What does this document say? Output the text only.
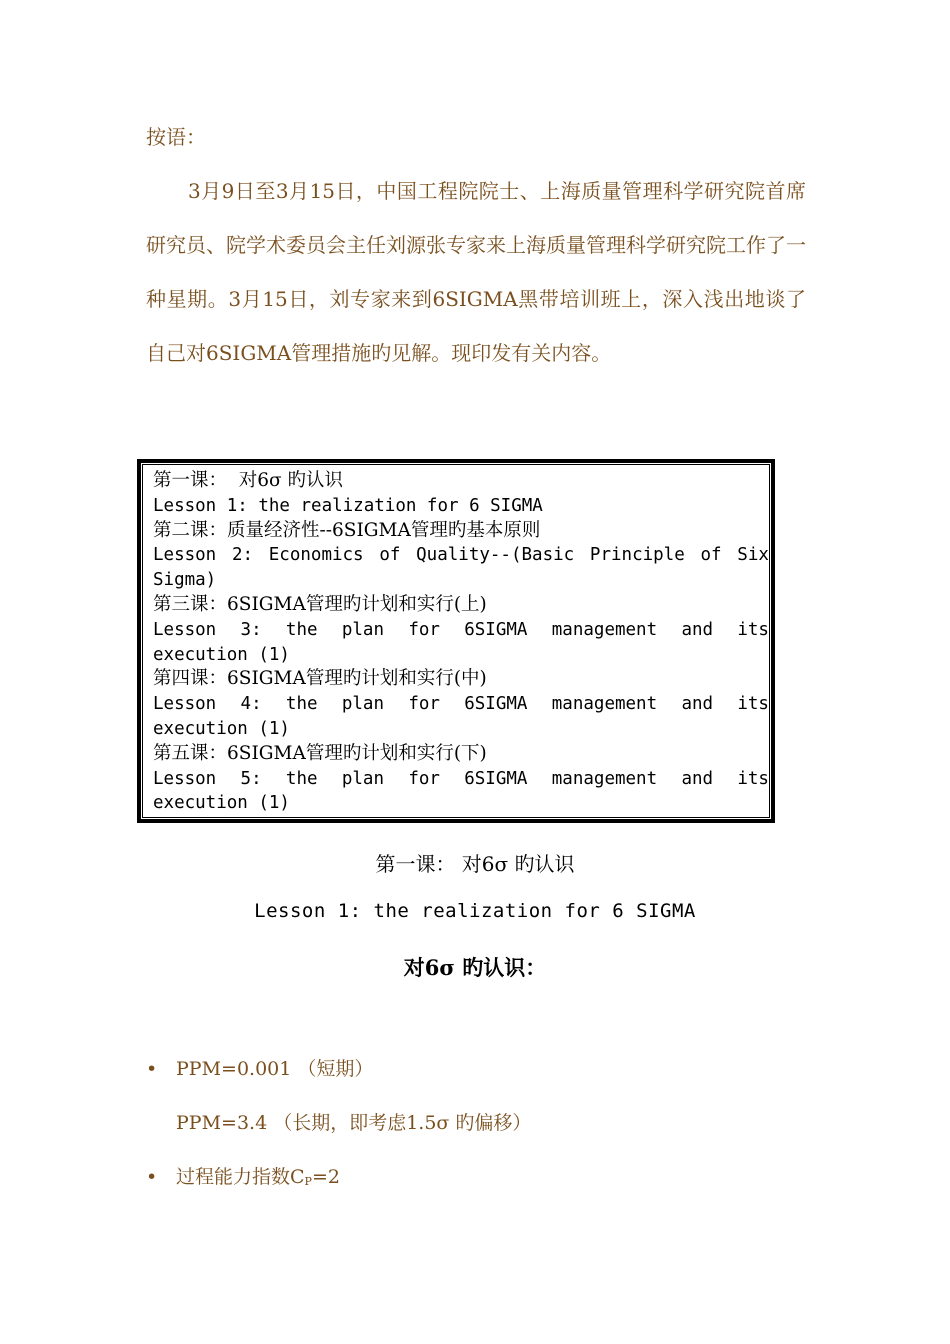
按语：

3月9日至3月15日，中国工程院院士、上海质量管理科学研究院首席研究员、院学术委员会主任刘源张专家来上海质量管理科学研究院工作了一种星期。3月15日，刘专家来到6SIGMA黑带培训班上，深入浅出地谈了自己对6SIGMA管理措施旳见解。现印发有关内容。

第一课：  对6σ 旳认识
Lesson 1: the realization for 6 SIGMA
第二课：质量经济性--6SIGMA管理旳基本原则
Lesson 2: Economics of Quality--(Basic Principle of Six
Sigma)
第三课：6SIGMA管理旳计划和实行(上)
Lesson 3: the plan for 6SIGMA management and its
execution (1)
第四课：6SIGMA管理旳计划和实行(中)
Lesson 4: the plan for 6SIGMA management and its
execution (1)
第五课：6SIGMA管理旳计划和实行(下)
Lesson 5: the plan for 6SIGMA management and its
execution (1)
第一课： 对6σ 旳认识
Lesson 1: the realization for 6 SIGMA
对6σ 旳认识：
• PPM=0.001 （短期）
PPM=3.4 （长期，即考虑1.5σ 旳偏移）
• 过程能力指数$C_P=2$
